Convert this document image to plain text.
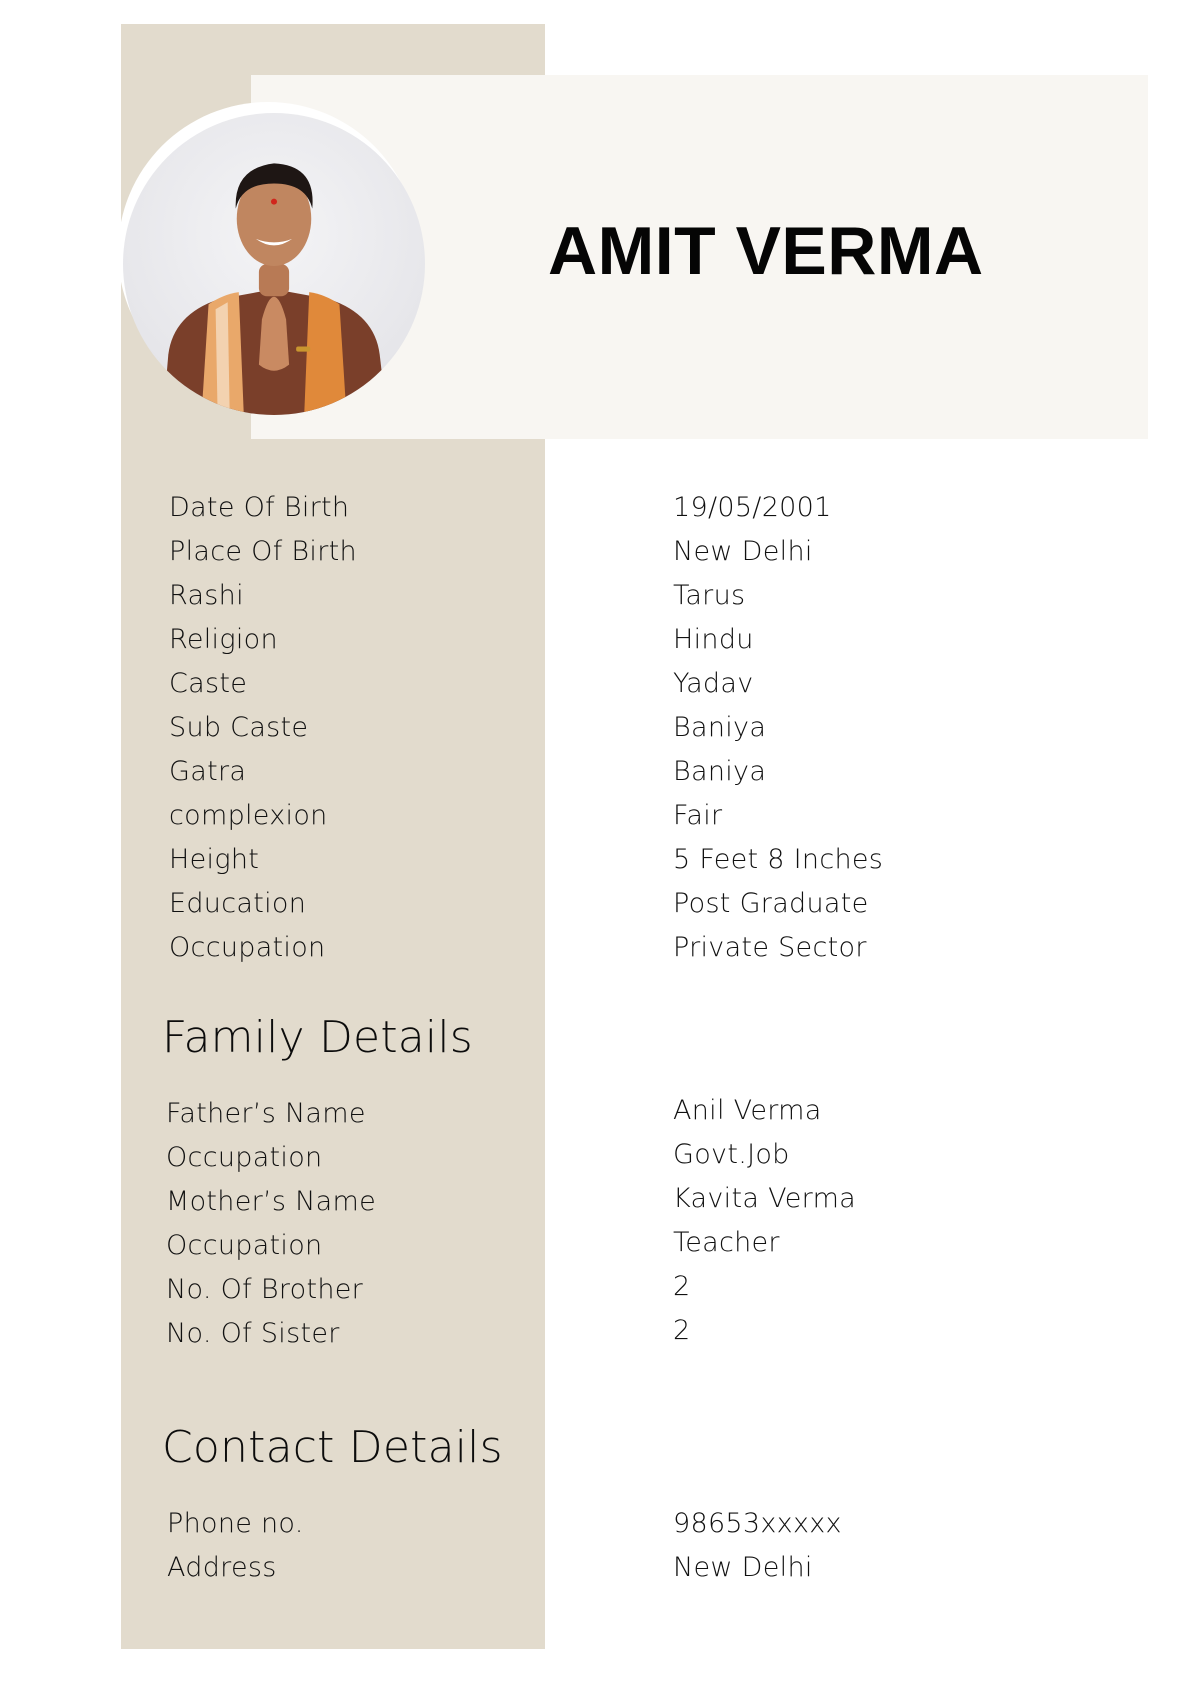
AMIT VERMA
Date Of Birth	19/05/2001
Place Of Birth	New Delhi
Rashi	Tarus
Religion	Hindu
Caste	Yadav
Sub Caste	Baniya
Gatra	Baniya
complexion	Fair
Height	5 Feet 8 Inches
Education	Post Graduate
Occupation	Private Sector
Family Details
Father’s Name	Anil Verma
Occupation	Govt.Job
Mother’s Name	Kavita Verma
Occupation	Teacher
No. Of Brother	2
No. Of Sister	2
Contact Details
Phone no.	98653xxxxx
Address	New Delhi
